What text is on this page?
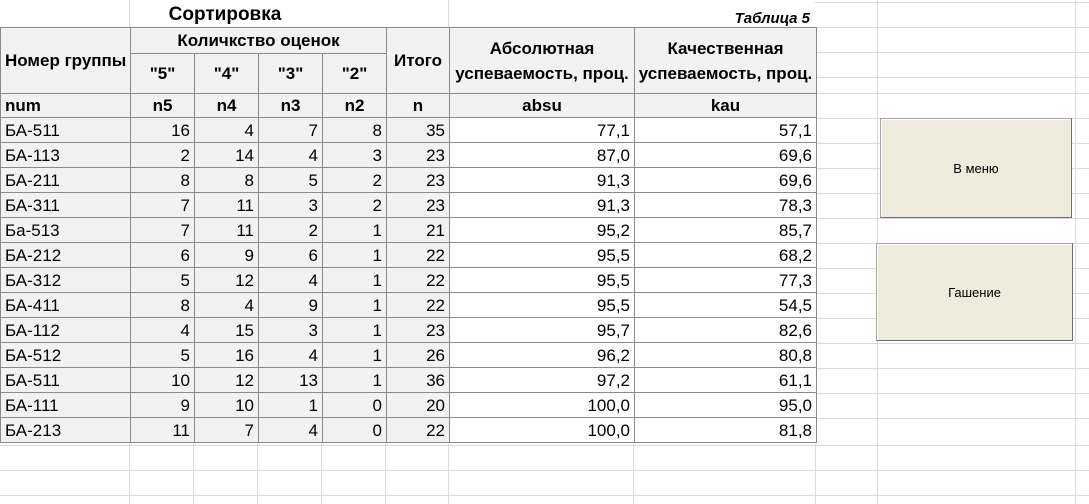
Сортировка	Таблица 5
Номер группы	Количкство оценок				Итого	Абсолютная успеваемость, проц.	Качественная успеваемость, проц.
	"5"	"4"	"3"	"2"			
num	n5	n4	n3	n2	n	absu	kau
БА-511	16	4	7	8	35	77,1	57,1
БА-113	2	14	4	3	23	87,0	69,6
БА-211	8	8	5	2	23	91,3	69,6
БА-311	7	11	3	2	23	91,3	78,3
Ба-513	7	11	2	1	21	95,2	85,7
БА-212	6	9	6	1	22	95,5	68,2
БА-312	5	12	4	1	22	95,5	77,3
БА-411	8	4	9	1	22	95,5	54,5
БА-112	4	15	3	1	23	95,7	82,6
БА-512	5	16	4	1	26	96,2	80,8
БА-511	10	12	13	1	36	97,2	61,1
БА-111	9	10	1	0	20	100,0	95,0
БА-213	11	7	4	0	22	100,0	81,8
В меню
Гашение
